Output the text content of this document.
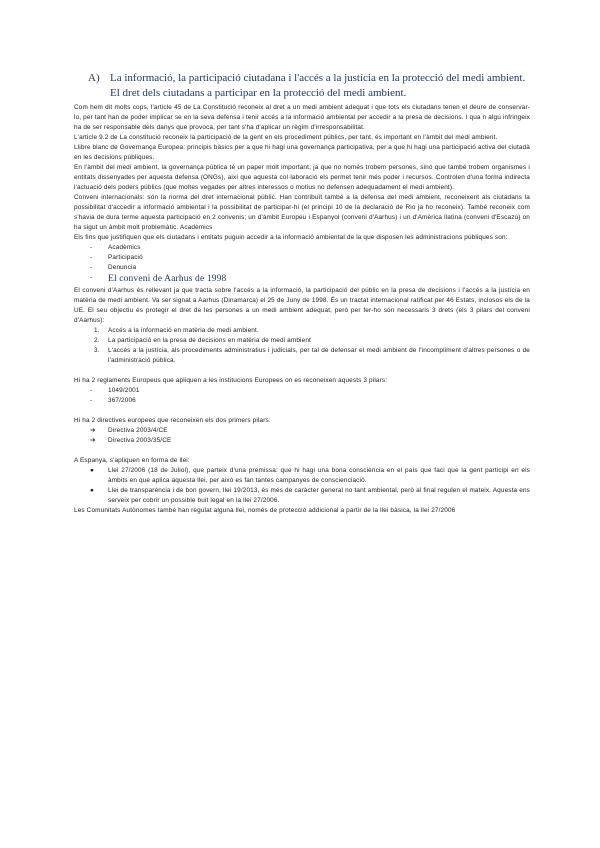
A) La informació, la participació ciutadana i l'accés a la justícia en la protecció del medi ambient. El dret dels ciutadans a participar en la protecció del medi ambient.

Com hem dit molts cops, l'article 45 de La Constitució reconeix al dret a un medi ambient adequat i que tots els ciutadans tenen el deure de conservar-lo, per tant han de poder implicar se en la seva defensa i tenir accés a la informació ambiental per accedir a la presa de decisions. I qua n algú infringeix ha de ser responsable dels danys que provoca, per tant s'ha d'aplicar un règim d'irresponsabilitat.

L'article 9.2 de La constitució reconeix la participació de la gent en els procediment públics, per tant, és important en l'àmbit del medi ambient.

Llibre blanc de Governança Europea: principis bàsics per a que hi hagi una governança participativa, per a que hi hagi una participació activa del ciutadà en les decisions públiques.

En l'àmbit del medi ambient, la governança pública té un paper molt important, ja que no només trobem persones, sinó que també trobem organismes i entitats dissenyades per aquesta defensa (ONGs), així que aquesta col·laboració els permet tenir més poder i recursos. Controlen d'una forma indirecta l'actuació dels poders públics (que moltes vegades per altres interessos o motius no defensen adequadament el medi ambient).

Conveni internacionals: són la norma del dret internacional públic. Han contribuït també a la defensa del medi ambient, reconeixent als ciutadans la possibilitat d'accedir a informació ambiental i la possibilitat de participar-hi (el principi 10 de la declaració de Rio ja ho reconeix). També reconeix com s'havia de dura terme aquesta participació en 2 convenis; un d'àmbit Europeu i Espanyol (conveni d'Aarhus) i un d'Amèrica llatina (conveni d'Escazú) on ha sigut un àmbit molt problemàtic. Acadèmics

Els fins que justifiquen que els ciutadans i entitats puguin accedir a la informació ambiental de la que disposen les administracions públiques son:

- Acadèmics
- Participació
- Denuncia
- El conveni de Aarhus de 1998

El conveni d'Aarhus és rellevant ja que tracta sobre l'accés a la informació, la participació del públic en la presa de decisions i l'accés a la justícia en matèria de medi ambient. Va ser signat a Aarhus (Dinamarca) el 25 de Juny de 1998. És un tractat internacional ratificat per 46 Estats, inclosos els de la UE. El seu objectiu és protegir el dret de les persones a un medi ambient adequat, però per fer-ho són necessaris 3 drets (els 3 pilars del conveni d'Aarhus):

1. Accés a la informació en matèria de medi ambient.
2. La participació en la presa de decisions en matèria de medi ambient
3. L'accés a la justícia, als procediments administratius i judicials, per tal de defensar el medi ambient de l'incompliment d'altres persones o de l'administració pública.

Hi ha 2 reglaments Europeus que apliquen a les institucions Europees on es reconeixen aquests 3 pilars:

- 1049/2001
- 367/2006

Hi ha 2 directives europees que reconeixen els dos primers pilars:

➔ Directiva 2003/4/CE
➔ Directiva 2003/35/CE

A Espanya, s'apliquen en forma de llei:

● Llei 27/2006 (18 de Juliol), que parteix d'una premissa: que hi hagi una bona consciència en el país que faci que la gent participi en els àmbits en que aplica aquesta llei, per això es fan tantes campanyes de conscienciació.
● Llei de transparència i de bon govern, llei 19/2013, és més de caràcter general no tant ambiental, però al final regulen el mateix. Aquesta ens serveix per cobrir un possible buit legal en la llei 27/2006.

Les Comunitats Autònomes també han regulat alguna llei, només de protecció addicional a partir de la llei bàsica, la llei 27/2006
